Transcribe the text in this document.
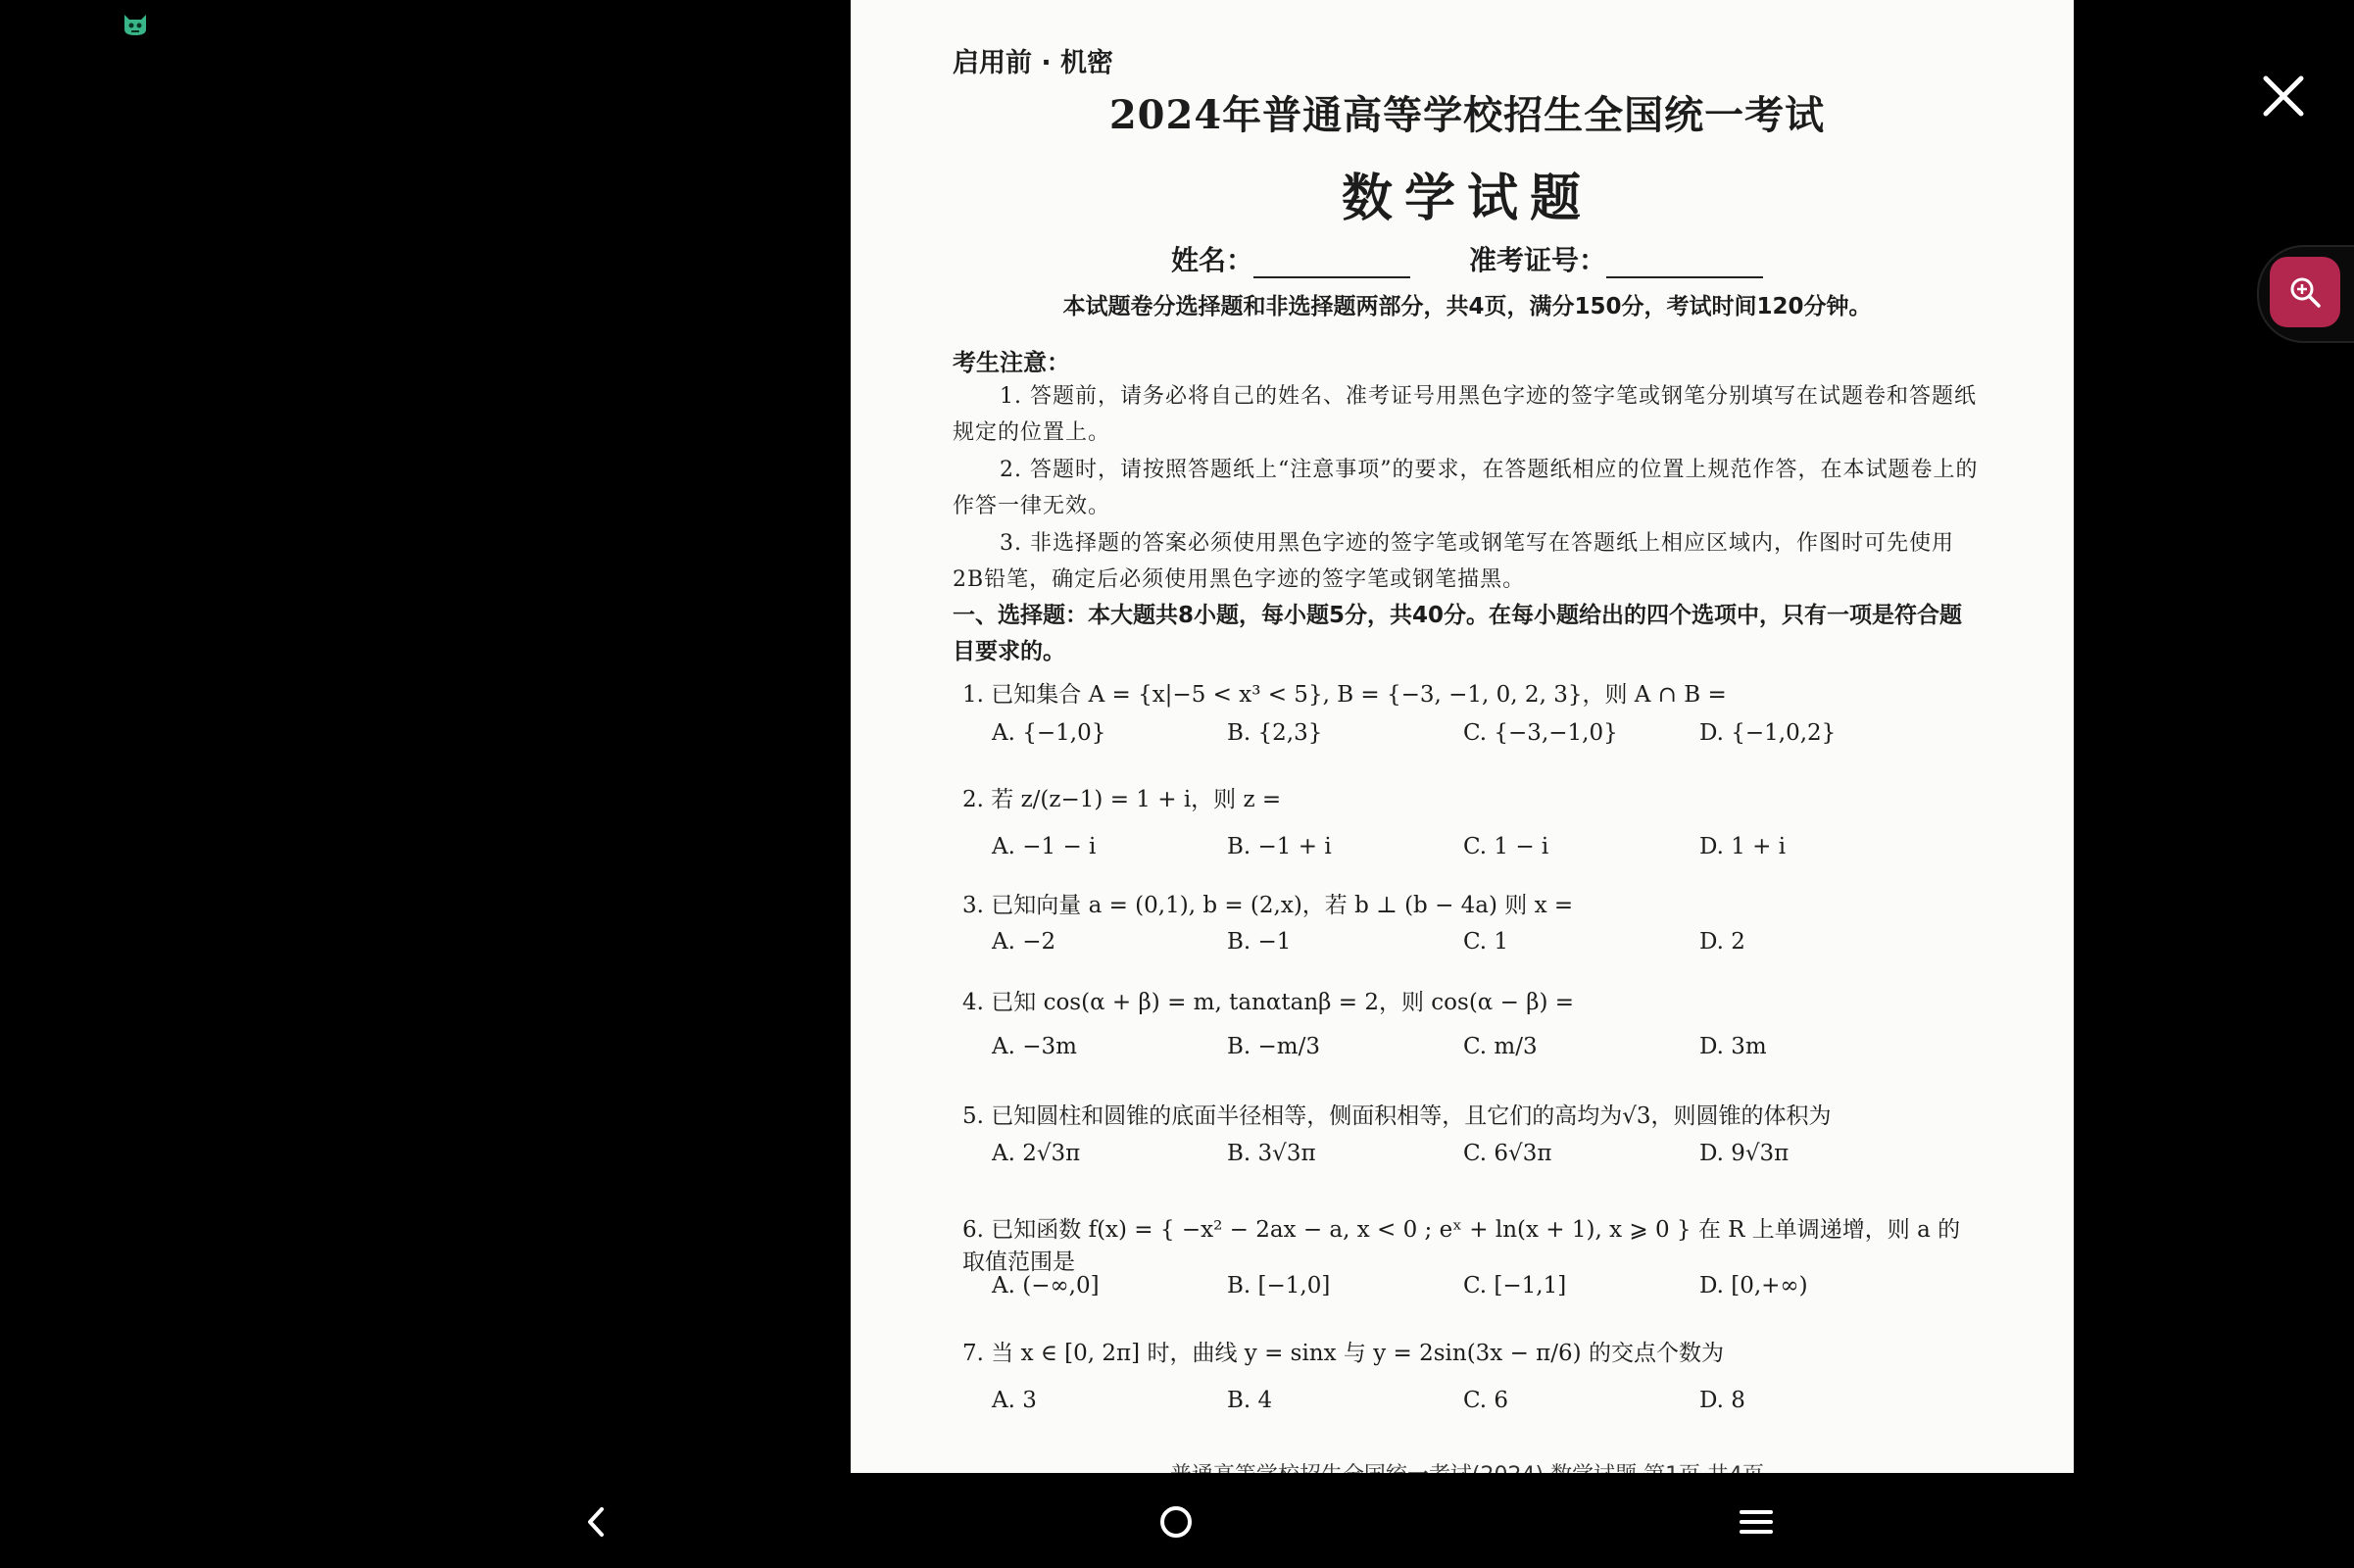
启用前 · 机密
2024年普通高等学校招生全国统一考试
数学试题
姓名：	准考证号：
本试题卷分选择题和非选择题两部分，共4页，满分150分，考试时间120分钟。
考生注意：
1. 答题前，请务必将自己的姓名、准考证号用黑色字迹的签字笔或钢笔分别填写在试题卷和答题纸规定的位置上。
2. 答题时，请按照答题纸上“注意事项”的要求，在答题纸相应的位置上规范作答，在本试题卷上的作答一律无效。
3. 非选择题的答案必须使用黑色字迹的签字笔或钢笔写在答题纸上相应区域内，作图时可先使用2B铅笔，确定后必须使用黑色字迹的签字笔或钢笔描黑。
一、选择题：本大题共8小题，每小题5分，共40分。在每小题给出的四个选项中，只有一项是符合题目要求的。
1. 已知集合 A = {x|−5 < x³ < 5}, B = {−3, −1, 0, 2, 3}，则 A ∩ B =
A. {−1,0}	B. {2,3}	C. {−3,−1,0}	D. {−1,0,2}
2. 若 z/(z−1) = 1 + i，则 z =
A. −1 − i	B. −1 + i	C. 1 − i	D. 1 + i
3. 已知向量 a = (0,1), b = (2,x)，若 b ⊥ (b − 4a) 则 x =
A. −2	B. −1	C. 1	D. 2
4. 已知 cos(α + β) = m, tanαtanβ = 2，则 cos(α − β) =
A. −3m	B. −m/3	C. m/3	D. 3m
5. 已知圆柱和圆锥的底面半径相等，侧面积相等，且它们的高均为√3，则圆锥的体积为
A. 2√3π	B. 3√3π	C. 6√3π	D. 9√3π
6. 已知函数 f(x) = { −x² − 2ax − a, x < 0 ; eˣ + ln(x + 1), x ⩾ 0 } 在 R 上单调递增，则 a 的取值范围是
A. (−∞,0]	B. [−1,0]	C. [−1,1]	D. [0,+∞)
7. 当 x ∈ [0, 2π] 时，曲线 y = sinx 与 y = 2sin(3x − π/6) 的交点个数为
A. 3	B. 4	C. 6	D. 8
